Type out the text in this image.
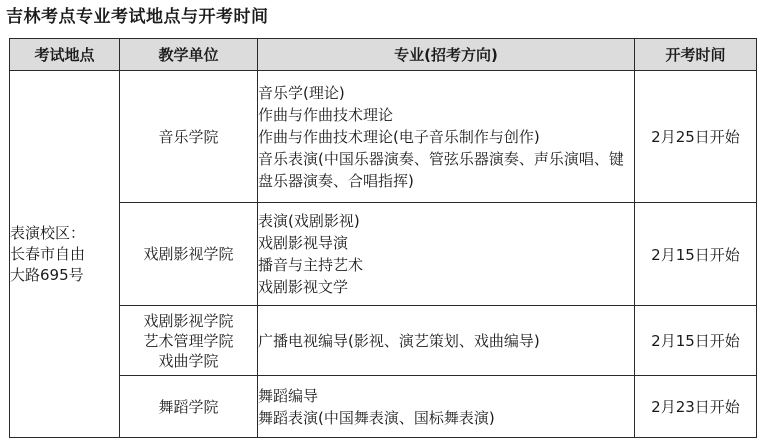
吉林考点专业考试地点与开考时间
考试地点	教学单位	专业(招考方向)	开考时间

表演校区：
长春市自由
大路695号	音乐学院	音乐学(理论)
作曲与作曲技术理论
作曲与作曲技术理论(电子音乐制作与创作)
音乐表演(中国乐器演奏、管弦乐器演奏、声乐演唱、键盘乐器演奏、合唱指挥)	2月25日开始

	戏剧影视学院	表演(戏剧影视)
戏剧影视导演
播音与主持艺术
戏剧影视文学	2月15日开始

	戏剧影视学院
艺术管理学院
戏曲学院	广播电视编导(影视、演艺策划、戏曲编导)	2月15日开始

	舞蹈学院	舞蹈编导
舞蹈表演(中国舞表演、国标舞表演)	2月23日开始
